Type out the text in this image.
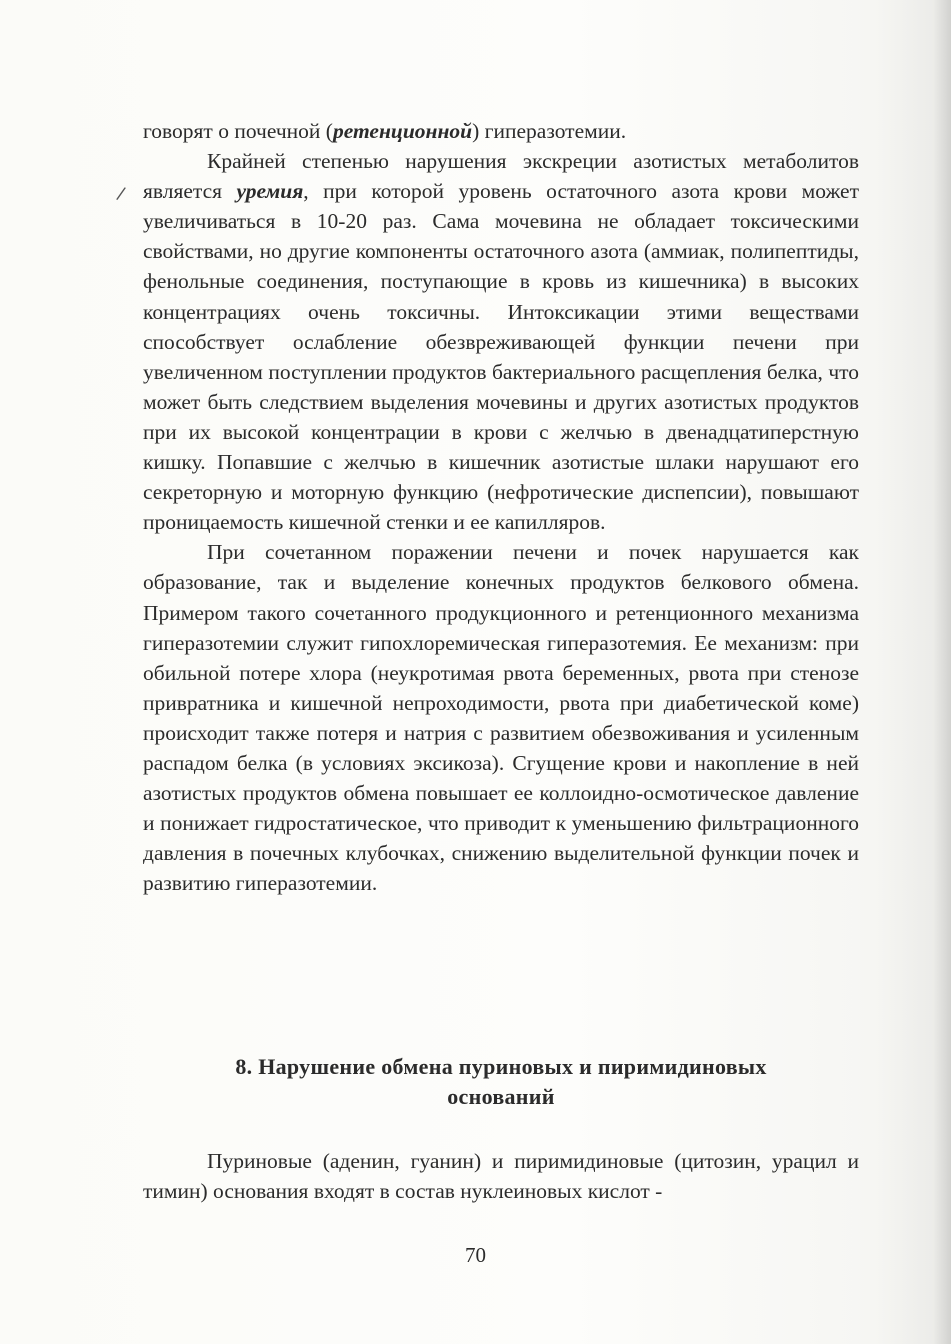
/

говорят о почечной (ретенционной) гиперазотемии.

Крайней степенью нарушения экскреции азотистых метаболитов является уремия, при которой уровень остаточного азота крови может увеличиваться в 10-20 раз. Сама мочевина не обладает токсическими свойствами, но другие компоненты остаточного азота (аммиак, полипептиды, фенольные соединения, поступающие в кровь из кишечника) в высоких концентрациях очень токсичны. Интоксикации этими веществами способствует ослабление обезвреживающей функции печени при увеличенном поступлении продуктов бактериального расщепления белка, что может быть следствием выделения мочевины и других азотистых продуктов при их высокой концентрации в крови с желчью в двенадцатиперстную кишку. Попавшие с желчью в кишечник азотистые шлаки нарушают его секреторную и моторную функцию (нефротические диспепсии), повышают проницаемость кишечной стенки и ее капилляров.

При сочетанном поражении печени и почек нарушается как образование, так и выделение конечных продуктов белкового обмена. Примером такого сочетанного продукционного и ретенционного механизма гиперазотемии служит гипохлоремическая гиперазотемия. Ее механизм: при обильной потере хлора (неукротимая рвота беременных, рвота при стенозе привратника и кишечной непроходимости, рвота при диабетической коме) происходит также потеря и натрия с развитием обезвоживания и усиленным распадом белка (в условиях эксикоза). Сгущение крови и накопление в ней азотистых продуктов обмена повышает ее коллоидно-осмотическое давление и понижает гидростатическое, что приводит к уменьшению фильтрационного давления в почечных клубочках, снижению выделительной функции почек и развитию гиперазотемии.

8. Нарушение обмена пуриновых и пиримидиновых
оснований

Пуриновые (аденин, гуанин) и пиримидиновые (цитозин, урацил и тимин) основания входят в состав нуклеиновых кислот -

70
